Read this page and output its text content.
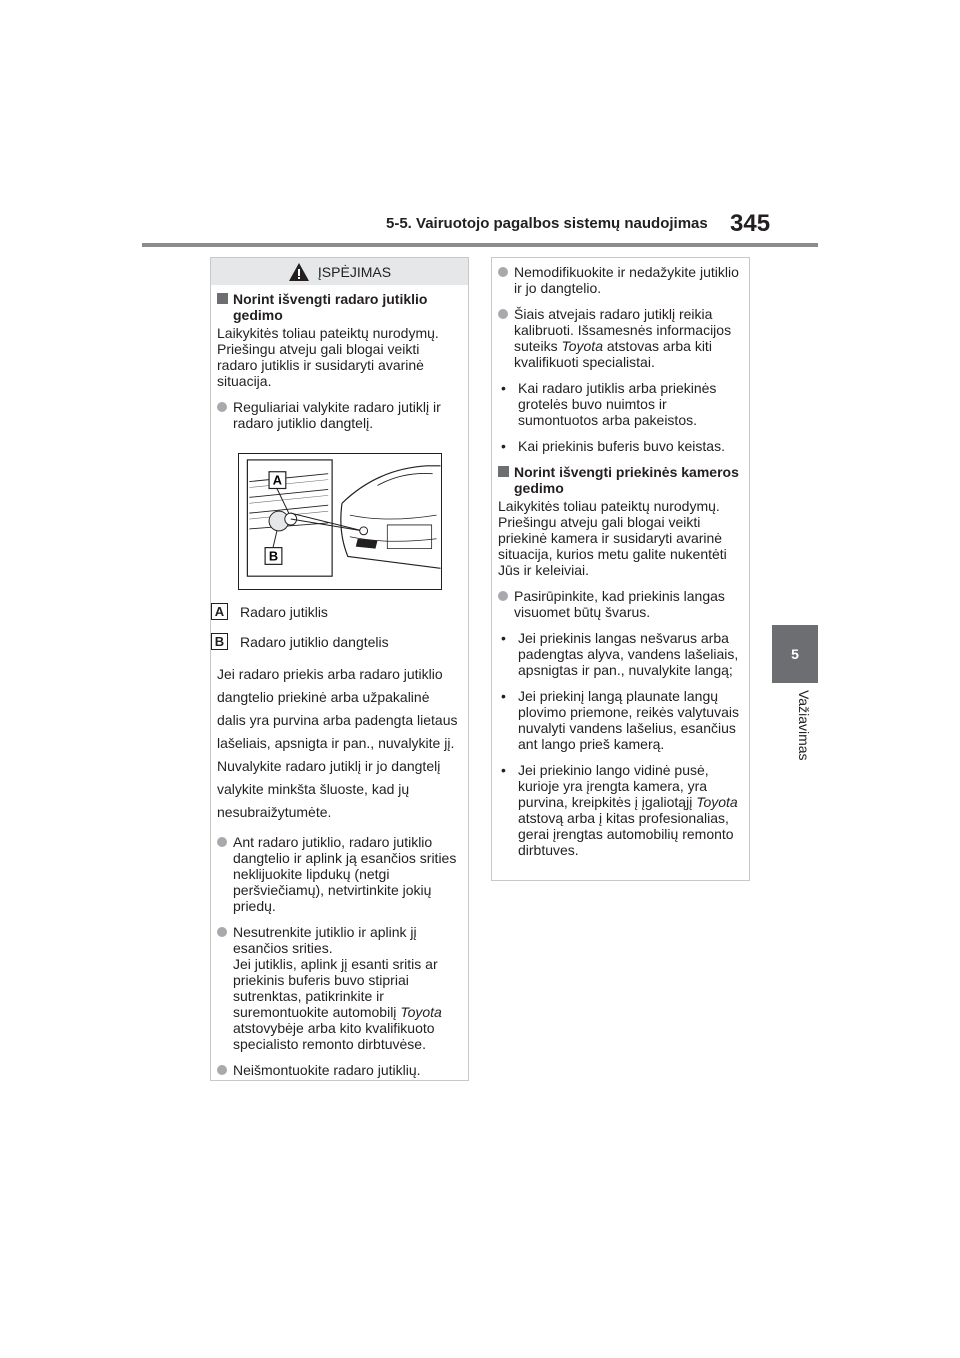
5-5. Vairuotojo pagalbos sistemų naudojimas 345
5
Važiavimas
ĮSPĖJIMAS
Norint išvengti radaro jutiklio gedimo

Laikykitės toliau pateiktų nurodymų. Priešingu atveju gali blogai veikti radaro jutiklis ir susidaryti avarinė situacija.

Reguliariai valykite radaro jutiklį ir radaro jutiklio dangtelį.
A
B
A Radaro jutiklis
B Radaro jutiklio dangtelis

Jei radaro priekis arba radaro jutiklio dangtelio priekinė arba užpakalinė dalis yra purvina arba padengta lietaus lašeliais, apsnigta ir pan., nuvalykite jį.

Nuvalykite radaro jutiklį ir jo dangtelį valykite minkšta šluoste, kad jų nesubraižytumėte.

Ant radaro jutiklio, radaro jutiklio dangtelio ir aplink ją esančios srities neklijuokite lipdukų (netgi peršviečiamų), netvirtinkite jokių priedų.
Nesutrenkite jutiklio ir aplink jį esančios srities.
Jei jutiklis, aplink jį esanti sritis ar priekinis buferis buvo stipriai sutrenktas, patikrinkite ir suremontuokite automobilį Toyota atstovybėje arba kito kvalifikuoto specialisto remonto dirbtuvėse.
Neišmontuokite radaro jutiklių.
Nemodifikuokite ir nedažykite jutiklio ir jo dangtelio.
Šiais atvejais radaro jutiklį reikia kalibruoti. Išsamesnės informacijos suteiks Toyota atstovas arba kiti kvalifikuoti specialistai.
• Kai radaro jutiklis arba priekinės grotelės buvo nuimtos ir sumontuotos arba pakeistos.
• Kai priekinis buferis buvo keistas.
Norint išvengti priekinės kameros gedimo

Laikykitės toliau pateiktų nurodymų. Priešingu atveju gali blogai veikti priekinė kamera ir susidaryti avarinė situacija, kurios metu galite nukentėti Jūs ir keleiviai.

Pasirūpinkite, kad priekinis langas visuomet būtų švarus.
• Jei priekinis langas nešvarus arba padengtas alyva, vandens lašeliais, apsnigtas ir pan., nuvalykite langą;
• Jei priekinį langą plaunate langų plovimo priemone, reikės valytuvais nuvalyti vandens lašelius, esančius ant lango prieš kamerą.
• Jei priekinio lango vidinė pusė, kurioje yra įrengta kamera, yra purvina, kreipkitės į įgaliotąjį Toyota atstovą arba į kitas profesionalias, gerai įrengtas automobilių remonto dirbtuves.
